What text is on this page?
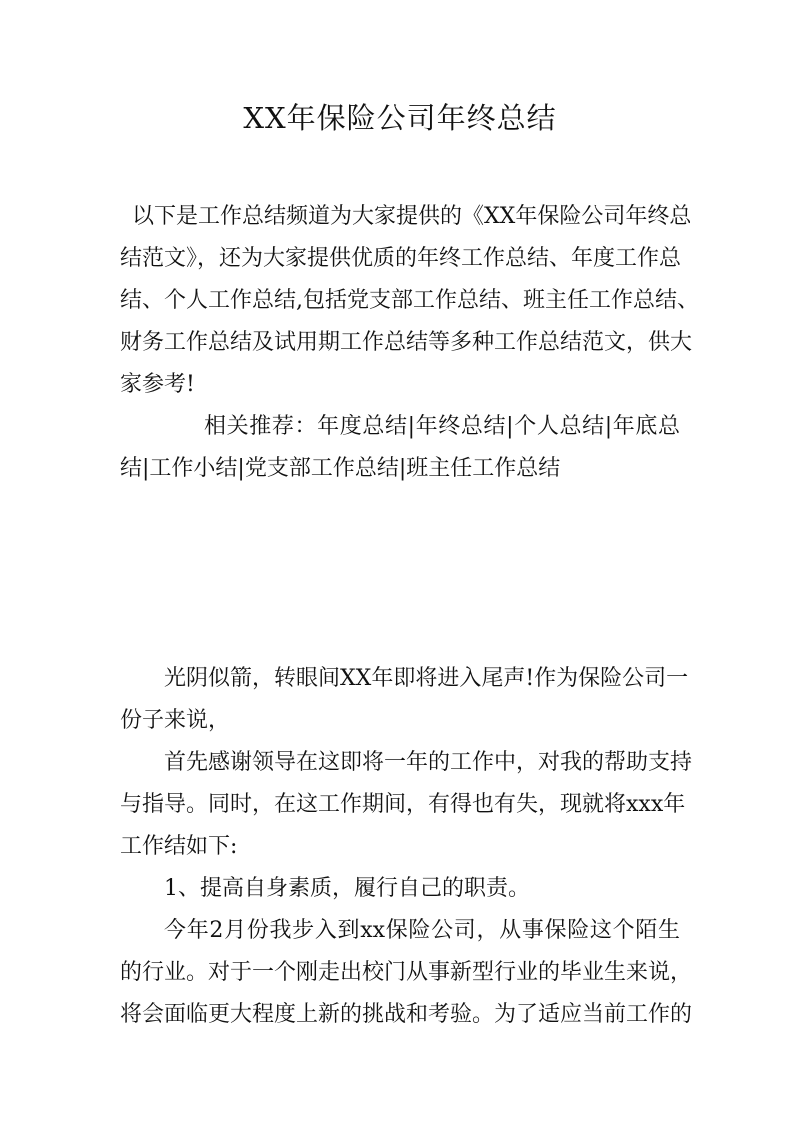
XX年保险公司年终总结
以下是工作总结频道为大家提供的《XX年保险公司年终总
结范文》，还为大家提供优质的年终工作总结、年度工作总
结、个人工作总结,包括党支部工作总结、班主任工作总结、
财务工作总结及试用期工作总结等多种工作总结范文，供大
家参考!
相关推荐：年度总结|年终总结|个人总结|年底总
结|工作小结|党支部工作总结|班主任工作总结
光阴似箭，转眼间XX年即将进入尾声!作为保险公司一
份子来说，
首先感谢领导在这即将一年的工作中，对我的帮助支持
与指导。同时，在这工作期间，有得也有失，现就将xxx年
工作结如下:
1、提高自身素质，履行自己的职责。
今年2月份我步入到xx保险公司，从事保险这个陌生
的行业。对于一个刚走出校门从事新型行业的毕业生来说，
将会面临更大程度上新的挑战和考验。为了适应当前工作的
